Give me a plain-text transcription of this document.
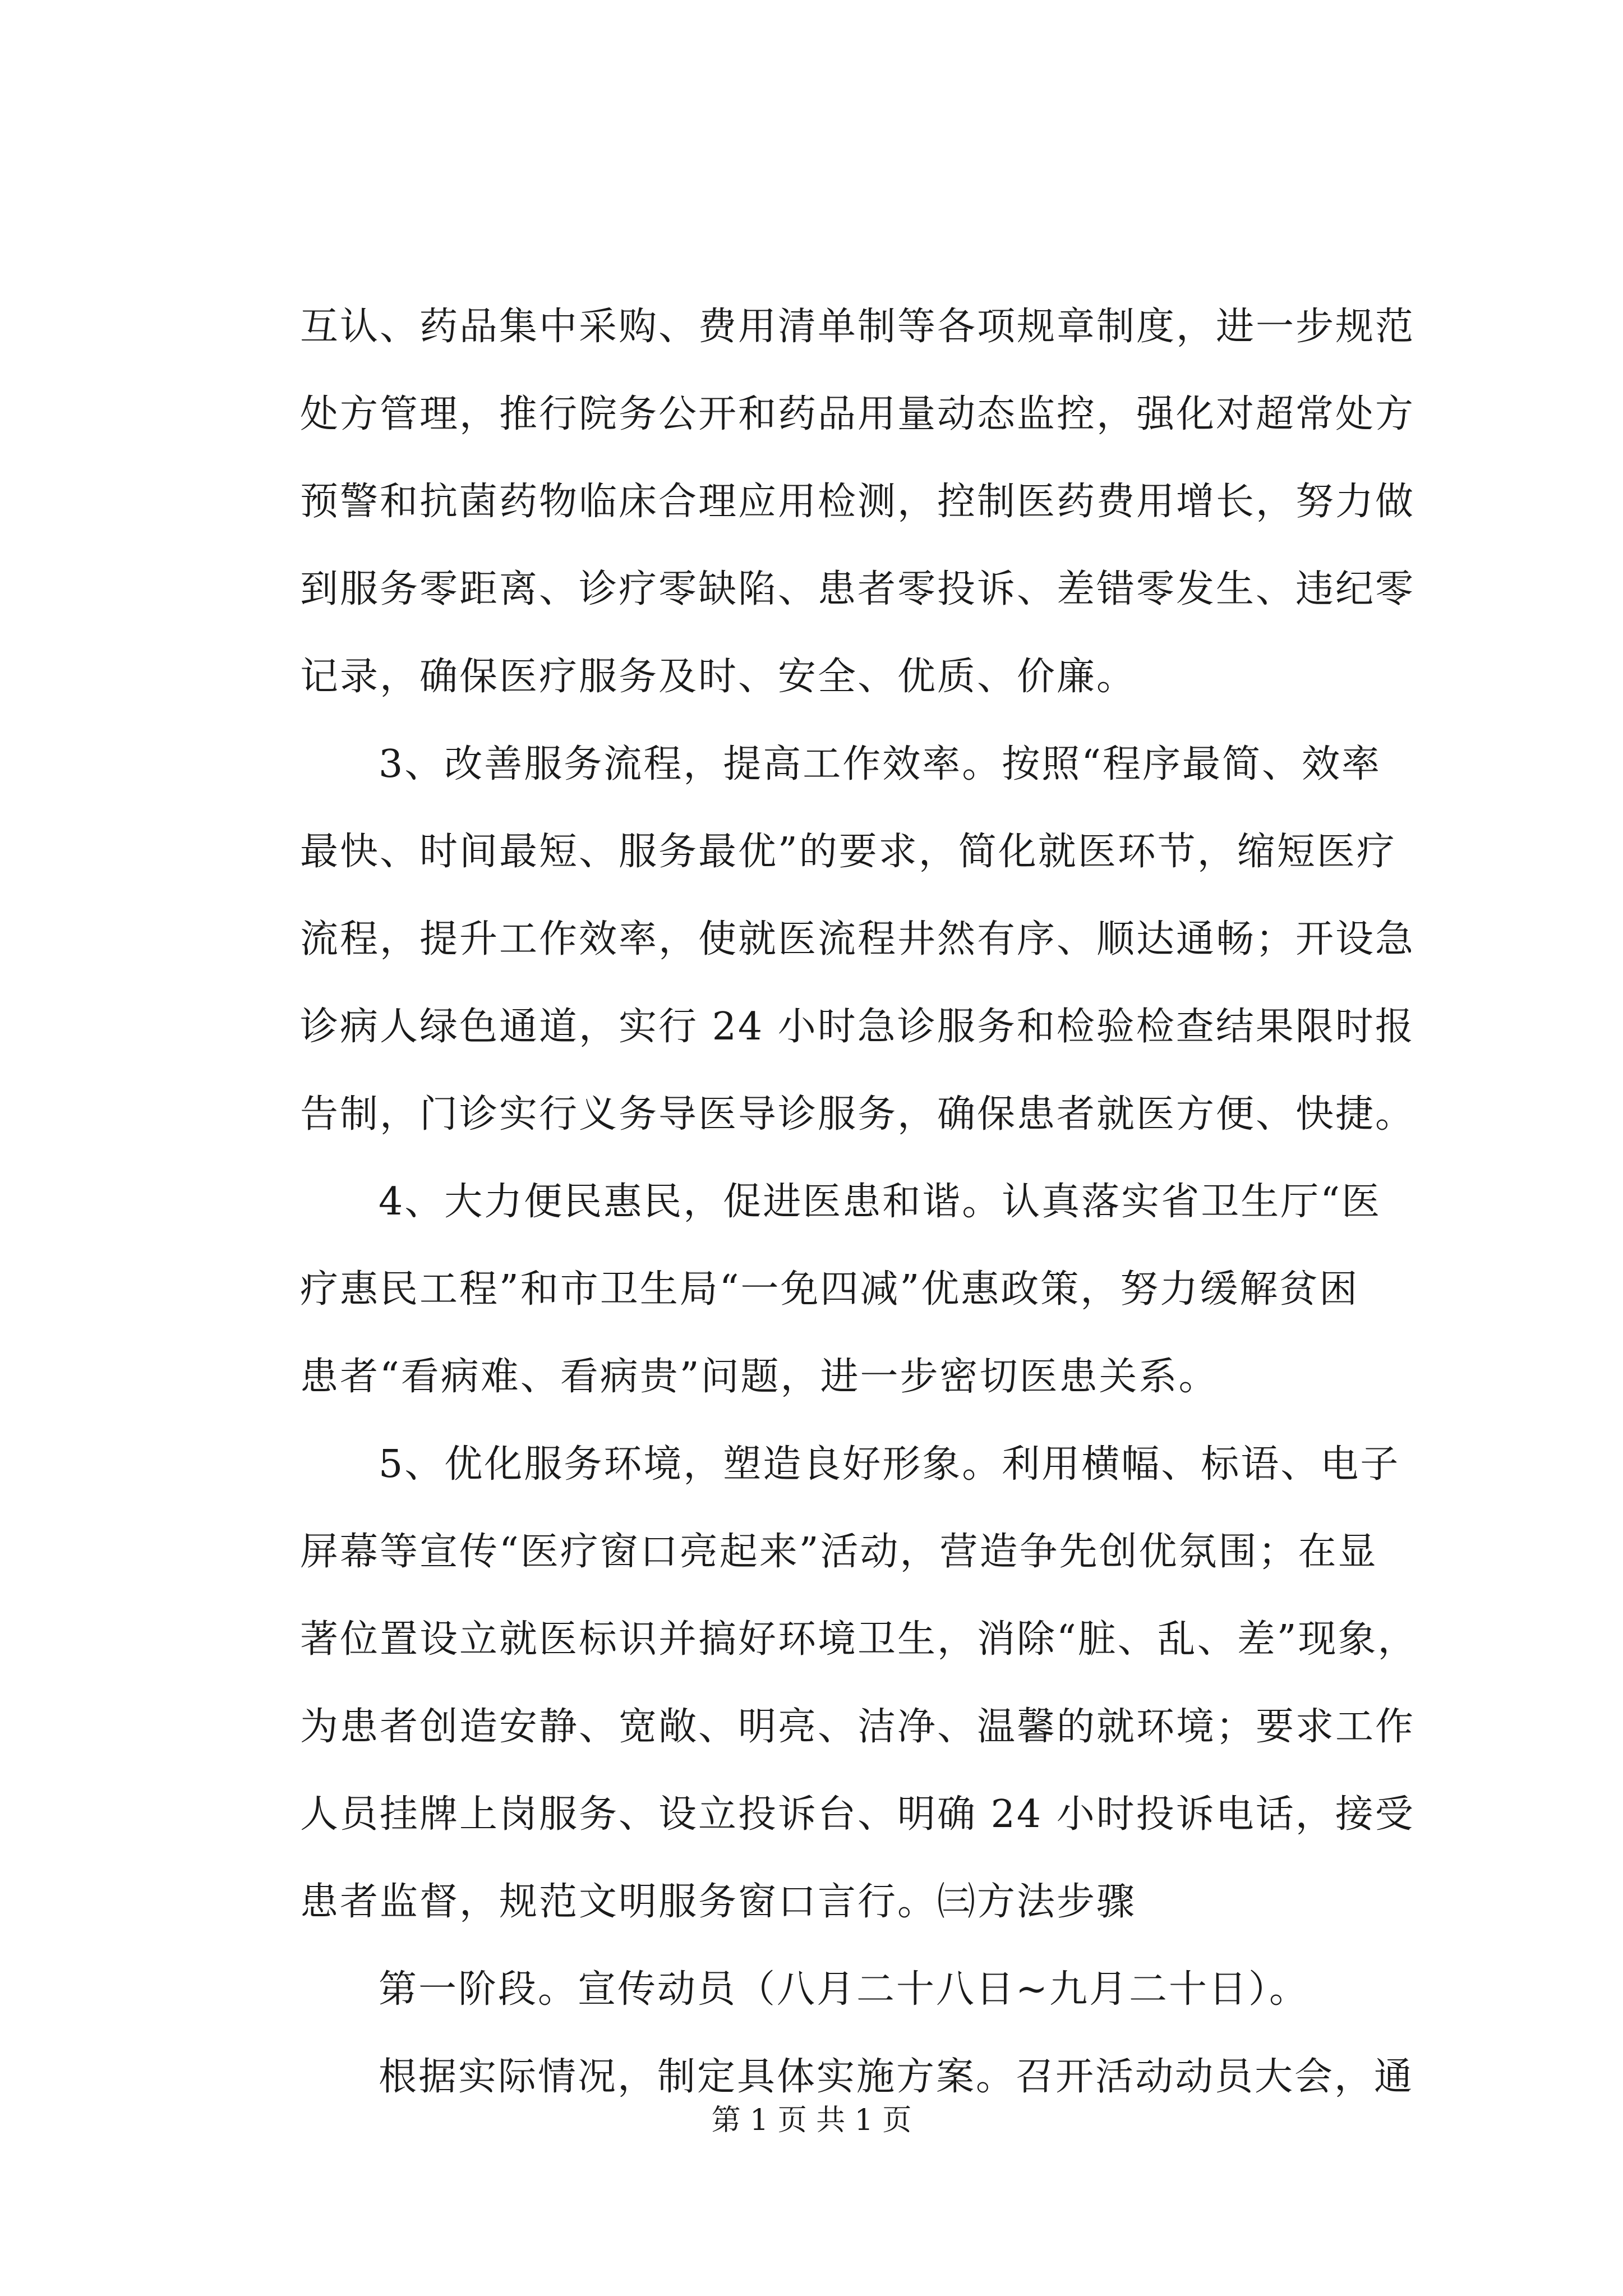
互认、药品集中采购、费用清单制等各项规章制度，进一步规范
处方管理，推行院务公开和药品用量动态监控，强化对超常处方
预警和抗菌药物临床合理应用检测，控制医药费用增长，努力做
到服务零距离、诊疗零缺陷、患者零投诉、差错零发生、违纪零
记录，确保医疗服务及时、安全、优质、价廉。
3、改善服务流程，提高工作效率。按照“程序最简、效率
最快、时间最短、服务最优”的要求，简化就医环节，缩短医疗
流程，提升工作效率，使就医流程井然有序、顺达通畅；开设急
诊病人绿色通道，实行 24 小时急诊服务和检验检查结果限时报
告制，门诊实行义务导医导诊服务，确保患者就医方便、快捷。
4、大力便民惠民，促进医患和谐。认真落实省卫生厅“医
疗惠民工程”和市卫生局“一免四减”优惠政策，努力缓解贫困
患者“看病难、看病贵”问题，进一步密切医患关系。
5、优化服务环境，塑造良好形象。利用横幅、标语、电子
屏幕等宣传“医疗窗口亮起来”活动，营造争先创优氛围；在显
著位置设立就医标识并搞好环境卫生，消除“脏、乱、差”现象，
为患者创造安静、宽敞、明亮、洁净、温馨的就环境；要求工作
人员挂牌上岗服务、设立投诉台、明确 24 小时投诉电话，接受
患者监督，规范文明服务窗口言行。㈢方法步骤
第一阶段。宣传动员（八月二十八日~九月二十日）。
根据实际情况，制定具体实施方案。召开活动动员大会，通
第 1 页 共 1 页
